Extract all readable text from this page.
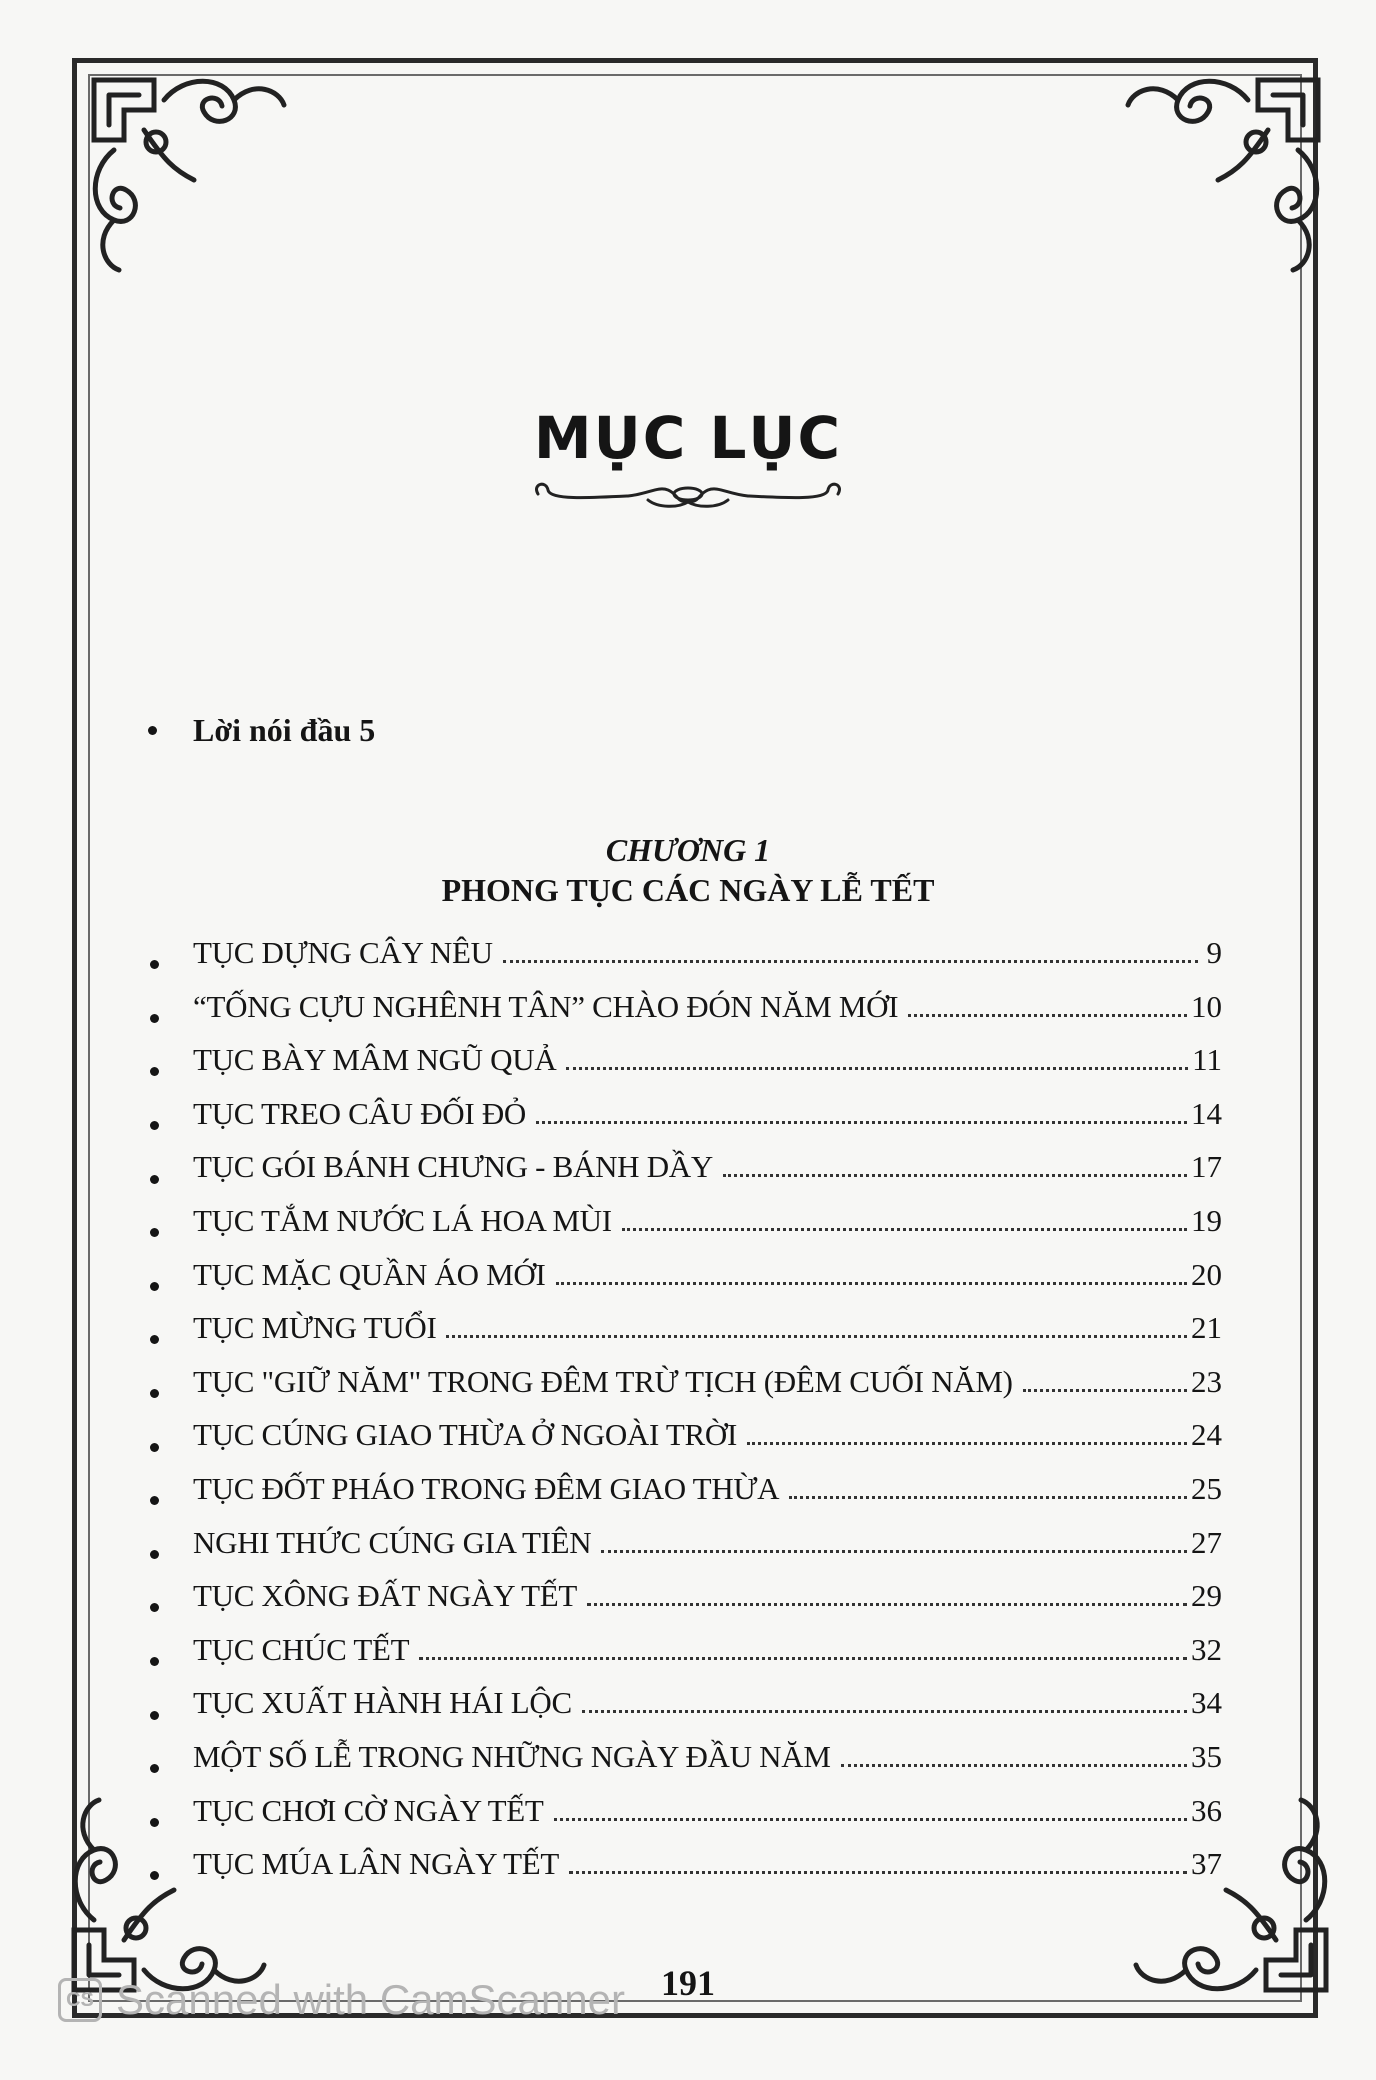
MỤC LỤC
Lời nói đầu 5
CHƯƠNG 1
PHONG TỤC CÁC NGÀY LỄ TẾT
TỤC DỰNG CÂY NÊU	9
“TỐNG CỰU NGHÊNH TÂN” CHÀO ĐÓN NĂM MỚI	10
TỤC BÀY MÂM NGŨ QUẢ	11
TỤC TREO CÂU ĐỐI ĐỎ	14
TỤC GÓI BÁNH CHƯNG - BÁNH DẦY	17
TỤC TẮM NƯỚC LÁ HOA MÙI	19
TỤC MẶC QUẦN ÁO MỚI	20
TỤC MỪNG TUỔI	21
TỤC "GIỮ NĂM" TRONG ĐÊM TRỪ TỊCH (ĐÊM CUỐI NĂM)	23
TỤC CÚNG GIAO THỪA Ở NGOÀI TRỜI	24
TỤC ĐỐT PHÁO TRONG ĐÊM GIAO THỪA	25
NGHI THỨC CÚNG GIA TIÊN	27
TỤC XÔNG ĐẤT NGÀY TẾT	29
TỤC CHÚC TẾT	32
TỤC XUẤT HÀNH HÁI LỘC	34
MỘT SỐ LỄ TRONG NHỮNG NGÀY ĐẦU NĂM	35
TỤC CHƠI CỜ NGÀY TẾT	36
TỤC MÚA LÂN NGÀY TẾT	37
191
CS Scanned with CamScanner
